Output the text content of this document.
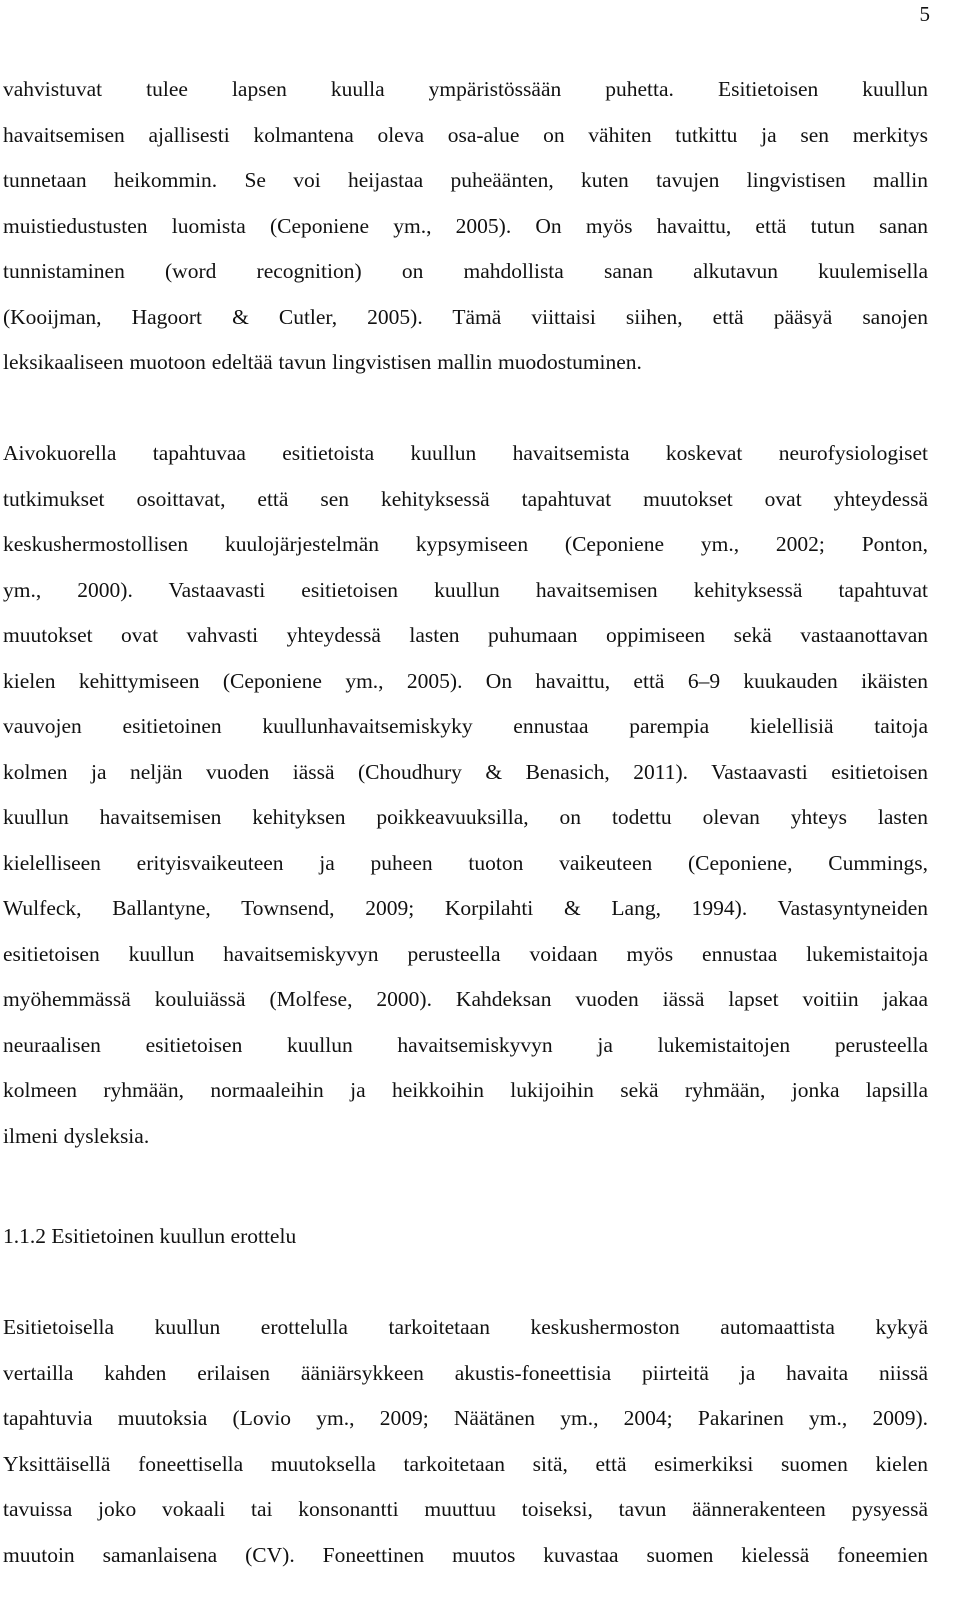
5
vahvistuvat tulee lapsen kuulla ympäristössään puhetta. Esitietoisen kuullun
havaitsemisen ajallisesti kolmantena oleva osa-alue on vähiten tutkittu ja sen merkitys
tunnetaan heikommin. Se voi heijastaa puheäänten, kuten tavujen lingvistisen mallin
muistiedustusten luomista (Ceponiene ym., 2005). On myös havaittu, että tutun sanan
tunnistaminen (word recognition) on mahdollista sanan alkutavun kuulemisella
(Kooijman, Hagoort & Cutler, 2005). Tämä viittaisi siihen, että pääsyä sanojen
leksikaaliseen muotoon edeltää tavun lingvistisen mallin muodostuminen.
Aivokuorella tapahtuvaa esitietoista kuullun havaitsemista koskevat neurofysiologiset
tutkimukset osoittavat, että sen kehityksessä tapahtuvat muutokset ovat yhteydessä
keskushermostollisen kuulojärjestelmän kypsymiseen (Ceponiene ym., 2002; Ponton,
ym., 2000). Vastaavasti esitietoisen kuullun havaitsemisen kehityksessä tapahtuvat
muutokset ovat vahvasti yhteydessä lasten puhumaan oppimiseen sekä vastaanottavan
kielen kehittymiseen (Ceponiene ym., 2005). On havaittu, että 6–9 kuukauden ikäisten
vauvojen esitietoinen kuullunhavaitsemiskyky ennustaa parempia kielellisiä taitoja
kolmen ja neljän vuoden iässä (Choudhury & Benasich, 2011). Vastaavasti esitietoisen
kuullun havaitsemisen kehityksen poikkeavuuksilla, on todettu olevan yhteys lasten
kielelliseen erityisvaikeuteen ja puheen tuoton vaikeuteen (Ceponiene, Cummings,
Wulfeck, Ballantyne, Townsend, 2009; Korpilahti & Lang, 1994). Vastasyntyneiden
esitietoisen kuullun havaitsemiskyvyn perusteella voidaan myös ennustaa lukemistaitoja
myöhemmässä kouluiässä (Molfese, 2000). Kahdeksan vuoden iässä lapset voitiin jakaa
neuraalisen esitietoisen kuullun havaitsemiskyvyn ja lukemistaitojen perusteella
kolmeen ryhmään, normaaleihin ja heikkoihin lukijoihin sekä ryhmään, jonka lapsilla
ilmeni dysleksia.
1.1.2 Esitietoinen kuullun erottelu
Esitietoisella kuullun erottelulla tarkoitetaan keskushermoston automaattista kykyä
vertailla kahden erilaisen ääniärsykkeen akustis-foneettisia piirteitä ja havaita niissä
tapahtuvia muutoksia (Lovio ym., 2009; Näätänen ym., 2004; Pakarinen ym., 2009).
Yksittäisellä foneettisella muutoksella tarkoitetaan sitä, että esimerkiksi suomen kielen
tavuissa joko vokaali tai konsonantti muuttuu toiseksi, tavun äännerakenteen pysyessä
muutoin samanlaisena (CV). Foneettinen muutos kuvastaa suomen kielessä foneemien
